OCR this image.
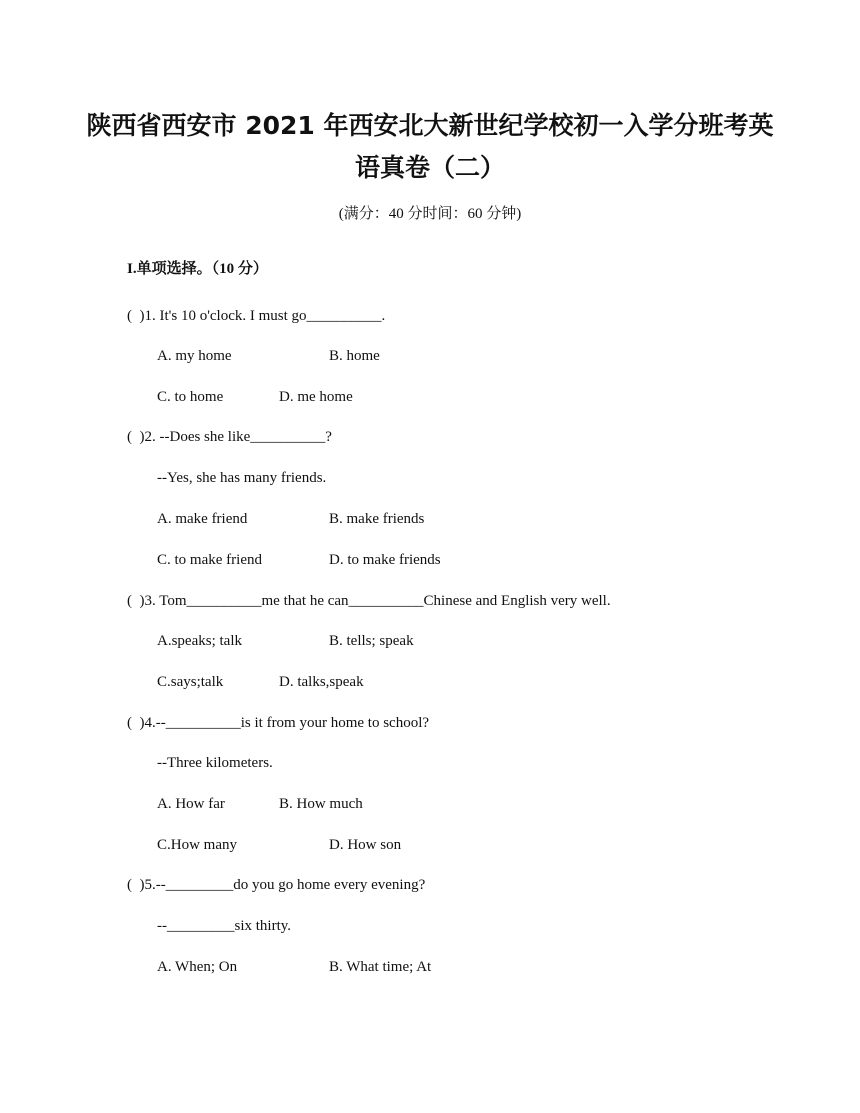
陕西省西安市 2021 年西安北大新世纪学校初一入学分班考英
语真卷（二）
(满分：40 分时间：60 分钟)
I.单项选择。（10 分）
(  )1. It's 10 o'clock. I must go__________.
A. my home	B. home
C. to home	D. me home
(  )2. --Does she like__________?
--Yes, she has many friends.
A. make friend	B. make friends
C. to make friend	D. to make friends
(  )3. Tom__________me that he can__________Chinese and English very well.
A.speaks; talk	B. tells; speak
C.says;talk	D. talks,speak
(  )4.--__________is it from your home to school?
--Three kilometers.
A. How far	B. How much
C.How many	D. How son
(  )5.--_________do you go home every evening?
--_________six thirty.
A. When; On	B. What time; At
